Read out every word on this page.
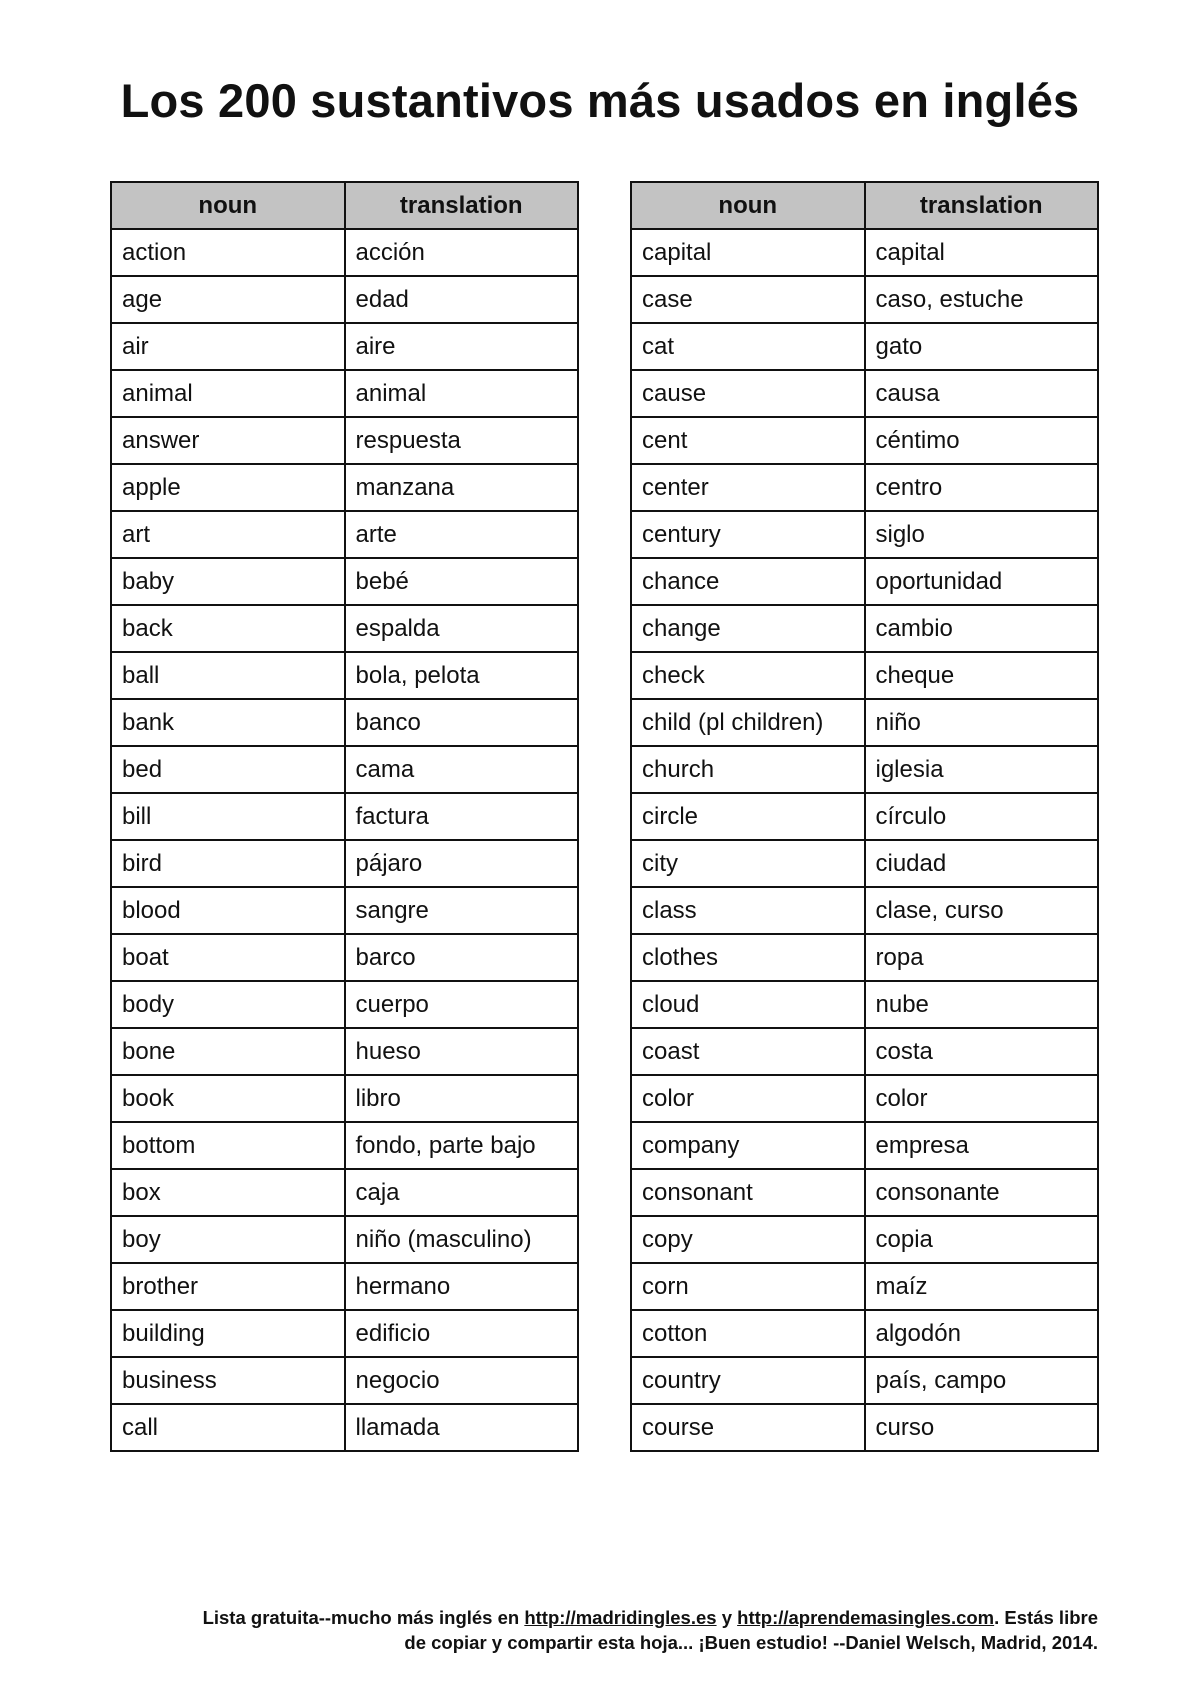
Los 200 sustantivos más usados en inglés
noun	translation
action	acción
age	edad
air	aire
animal	animal
answer	respuesta
apple	manzana
art	arte
baby	bebé
back	espalda
ball	bola, pelota
bank	banco
bed	cama
bill	factura
bird	pájaro
blood	sangre
boat	barco
body	cuerpo
bone	hueso
book	libro
bottom	fondo, parte bajo
box	caja
boy	niño (masculino)
brother	hermano
building	edificio
business	negocio
call	llamada
noun	translation
capital	capital
case	caso, estuche
cat	gato
cause	causa
cent	céntimo
center	centro
century	siglo
chance	oportunidad
change	cambio
check	cheque
child (pl children)	niño
church	iglesia
circle	círculo
city	ciudad
class	clase, curso
clothes	ropa
cloud	nube
coast	costa
color	color
company	empresa
consonant	consonante
copy	copia
corn	maíz
cotton	algodón
country	país, campo
course	curso
Lista gratuita--mucho más inglés en http://madridingles.es y http://aprendemasingles.com. Estás libre
de copiar y compartir esta hoja... ¡Buen estudio! --Daniel Welsch, Madrid, 2014.
